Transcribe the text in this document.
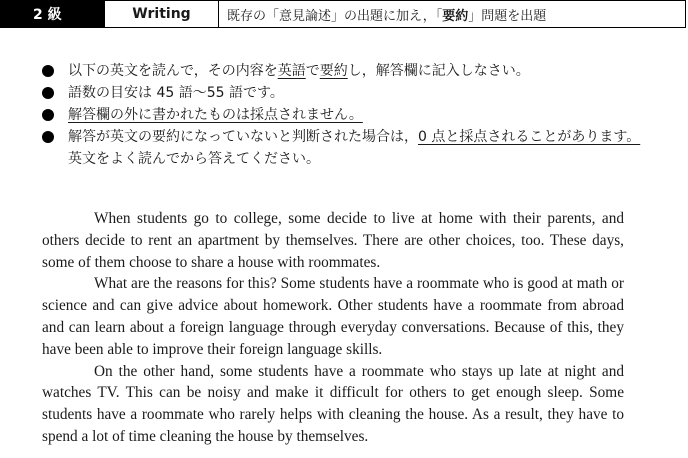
2 級	Writing	既存の「意見論述」の出題に加え，「 要約 」問題を出題
以下の英文を読んで，その内容を英語で要約し，解答欄に記入しなさい。
語数の目安は 45 語～55 語です。
解答欄の外に書かれたものは採点されません。
解答が英文の要約になっていないと判断された場合は，0 点と採点されることがあります。英文をよく読んでから答えてください。

When students go to college, some decide to live at home with their parents, and others decide to rent an apartment by themselves. There are other choices, too. These days, some of them choose to share a house with roommates.

What are the reasons for this? Some students have a roommate who is good at math or science and can give advice about homework. Other students have a roommate from abroad and can learn about a foreign language through everyday conversations. Because of this, they have been able to improve their foreign language skills.

On the other hand, some students have a roommate who stays up late at night and watches TV. This can be noisy and make it difficult for others to get enough sleep. Some students have a roommate who rarely helps with cleaning the house. As a result, they have to spend a lot of time cleaning the house by themselves.
